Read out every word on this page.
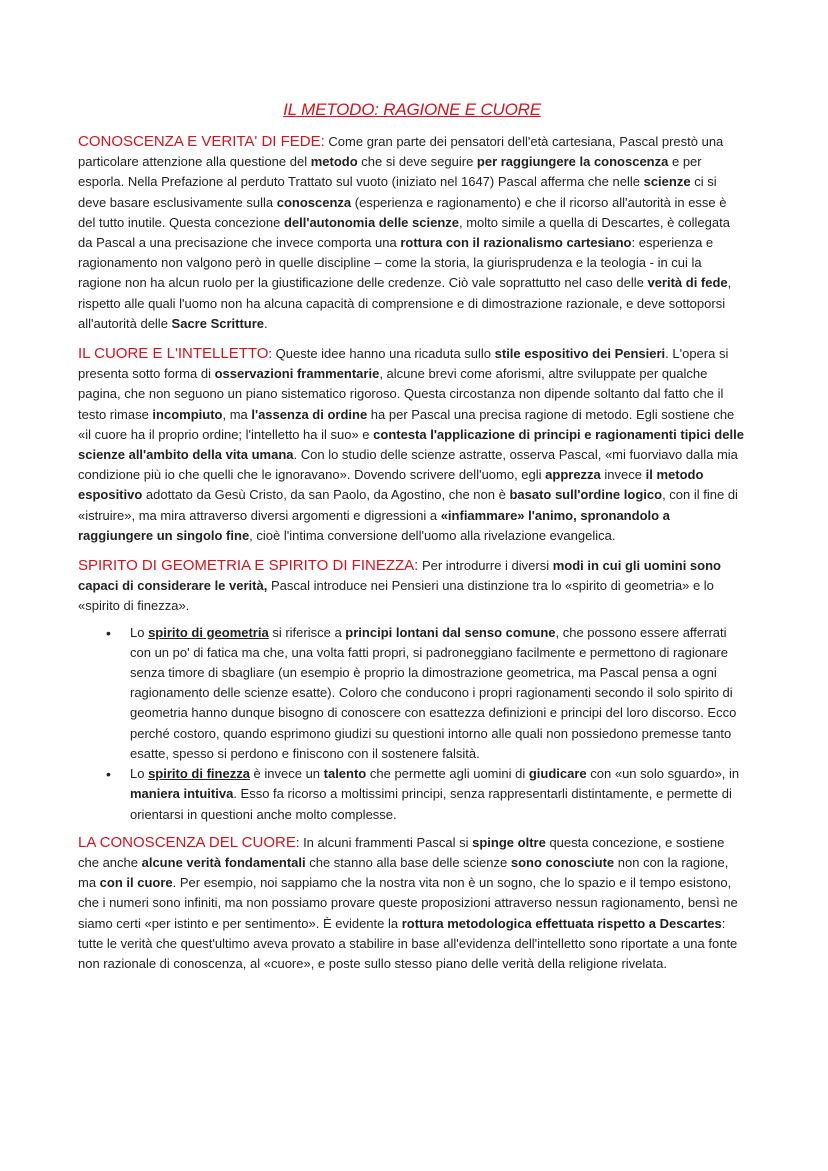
IL METODO: RAGIONE E CUORE

CONOSCENZA E VERITA' DI FEDE: Come gran parte dei pensatori dell'età cartesiana, Pascal prestò una particolare attenzione alla questione del metodo che si deve seguire per raggiungere la conoscenza e per esporla. Nella Prefazione al perduto Trattato sul vuoto (iniziato nel 1647) Pascal afferma che nelle scienze ci si deve basare esclusivamente sulla conoscenza (esperienza e ragionamento) e che il ricorso all'autorità in esse è del tutto inutile. Questa concezione dell'autonomia delle scienze, molto simile a quella di Descartes, è collegata da Pascal a una precisazione che invece comporta una rottura con il razionalismo cartesiano: esperienza e ragionamento non valgono però in quelle discipline – come la storia, la giurisprudenza e la teologia - in cui la ragione non ha alcun ruolo per la giustificazione delle credenze. Ciò vale soprattutto nel caso delle verità di fede, rispetto alle quali l'uomo non ha alcuna capacità di comprensione e di dimostrazione razionale, e deve sottoporsi all'autorità delle Sacre Scritture.

IL CUORE E L'INTELLETTO: Queste idee hanno una ricaduta sullo stile espositivo dei Pensieri. L'opera si presenta sotto forma di osservazioni frammentarie, alcune brevi come aforismi, altre sviluppate per qualche pagina, che non seguono un piano sistematico rigoroso. Questa circostanza non dipende soltanto dal fatto che il testo rimase incompiuto, ma l'assenza di ordine ha per Pascal una precisa ragione di metodo. Egli sostiene che «il cuore ha il proprio ordine; l'intelletto ha il suo» e contesta l'applicazione di principi e ragionamenti tipici delle scienze all'ambito della vita umana. Con lo studio delle scienze astratte, osserva Pascal, «mi fuorviavo dalla mia condizione più io che quelli che le ignoravano». Dovendo scrivere dell'uomo, egli apprezza invece il metodo espositivo adottato da Gesù Cristo, da san Paolo, da Agostino, che non è basato sull'ordine logico, con il fine di «istruire», ma mira attraverso diversi argomenti e digressioni a «infiammare» l'animo, spronandolo a raggiungere un singolo fine, cioè l'intima conversione dell'uomo alla rivelazione evangelica.

SPIRITO DI GEOMETRIA E SPIRITO DI FINEZZA: Per introdurre i diversi modi in cui gli uomini sono capaci di considerare le verità, Pascal introduce nei Pensieri una distinzione tra lo «spirito di geometria» e lo «spirito di finezza».

• Lo spirito di geometria si riferisce a principi lontani dal senso comune, che possono essere afferrati con un po' di fatica ma che, una volta fatti propri, si padroneggiano facilmente e permettono di ragionare senza timore di sbagliare (un esempio è proprio la dimostrazione geometrica, ma Pascal pensa a ogni ragionamento delle scienze esatte). Coloro che conducono i propri ragionamenti secondo il solo spirito di geometria hanno dunque bisogno di conoscere con esattezza definizioni e principi del loro discorso. Ecco perché costoro, quando esprimono giudizi su questioni intorno alle quali non possiedono premesse tanto esatte, spesso si perdono e finiscono con il sostenere falsità.
• Lo spirito di finezza è invece un talento che permette agli uomini di giudicare con «un solo sguardo», in maniera intuitiva. Esso fa ricorso a moltissimi principi, senza rappresentarli distintamente, e permette di orientarsi in questioni anche molto complesse.

LA CONOSCENZA DEL CUORE: In alcuni frammenti Pascal si spinge oltre questa concezione, e sostiene che anche alcune verità fondamentali che stanno alla base delle scienze sono conosciute non con la ragione, ma con il cuore. Per esempio, noi sappiamo che la nostra vita non è un sogno, che lo spazio e il tempo esistono, che i numeri sono infiniti, ma non possiamo provare queste proposizioni attraverso nessun ragionamento, bensì ne siamo certi «per istinto e per sentimento». È evidente la rottura metodologica effettuata rispetto a Descartes: tutte le verità che quest'ultimo aveva provato a stabilire in base all'evidenza dell'intelletto sono riportate a una fonte non razionale di conoscenza, al «cuore», e poste sullo stesso piano delle verità della religione rivelata.
